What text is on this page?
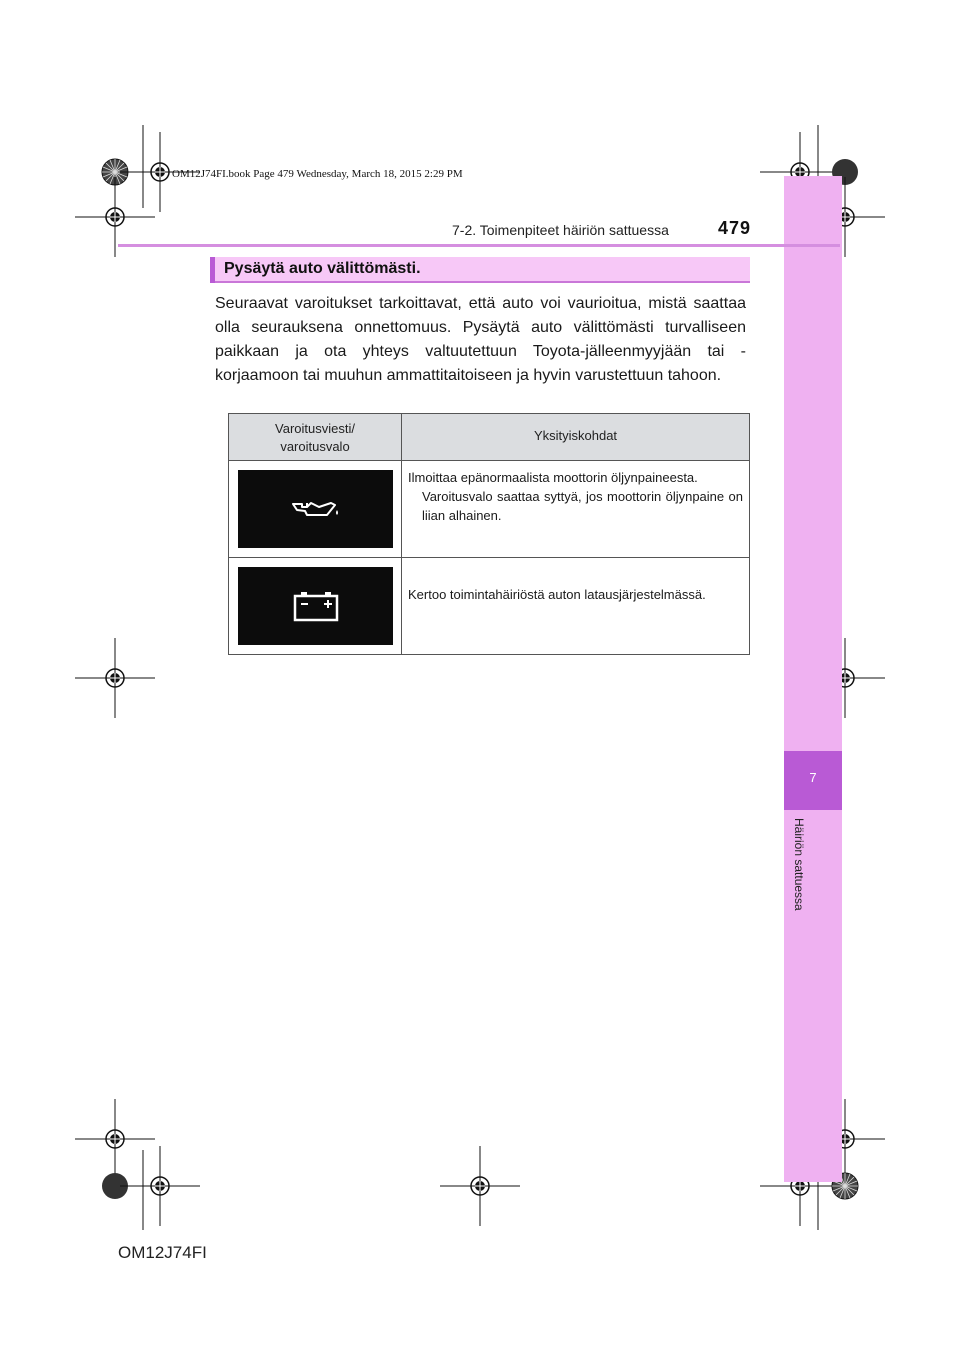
OM12J74FI.book Page 479 Wednesday, March 18, 2015 2:29 PM
7
Häiriön sattuessa
7-2. Toimenpiteet häiriön sattuessa	479
Pysäytä auto välittömästi.
Seuraavat varoitukset tarkoittavat, että auto voi vaurioitua, mistä saattaa olla seurauksena onnettomuus. Pysäytä auto välittömästi turvalliseen paikkaan ja ota yhteys valtuutettuun Toyota-jälleenmyyjään tai -korjaamoon tai muuhun ammattitaitoiseen ja hyvin varustettuun tahoon.
Varoitusviesti/ varoitusvalo	Yksityiskohdat

Ilmoittaa epänormaalista moottorin öljynpaineesta.
Varoitusvalo saattaa syttyä, jos moottorin öljynpaine on liian alhainen.

Kertoo toimintahäiriöstä auton latausjärjestelmässä.
OM12J74FI
